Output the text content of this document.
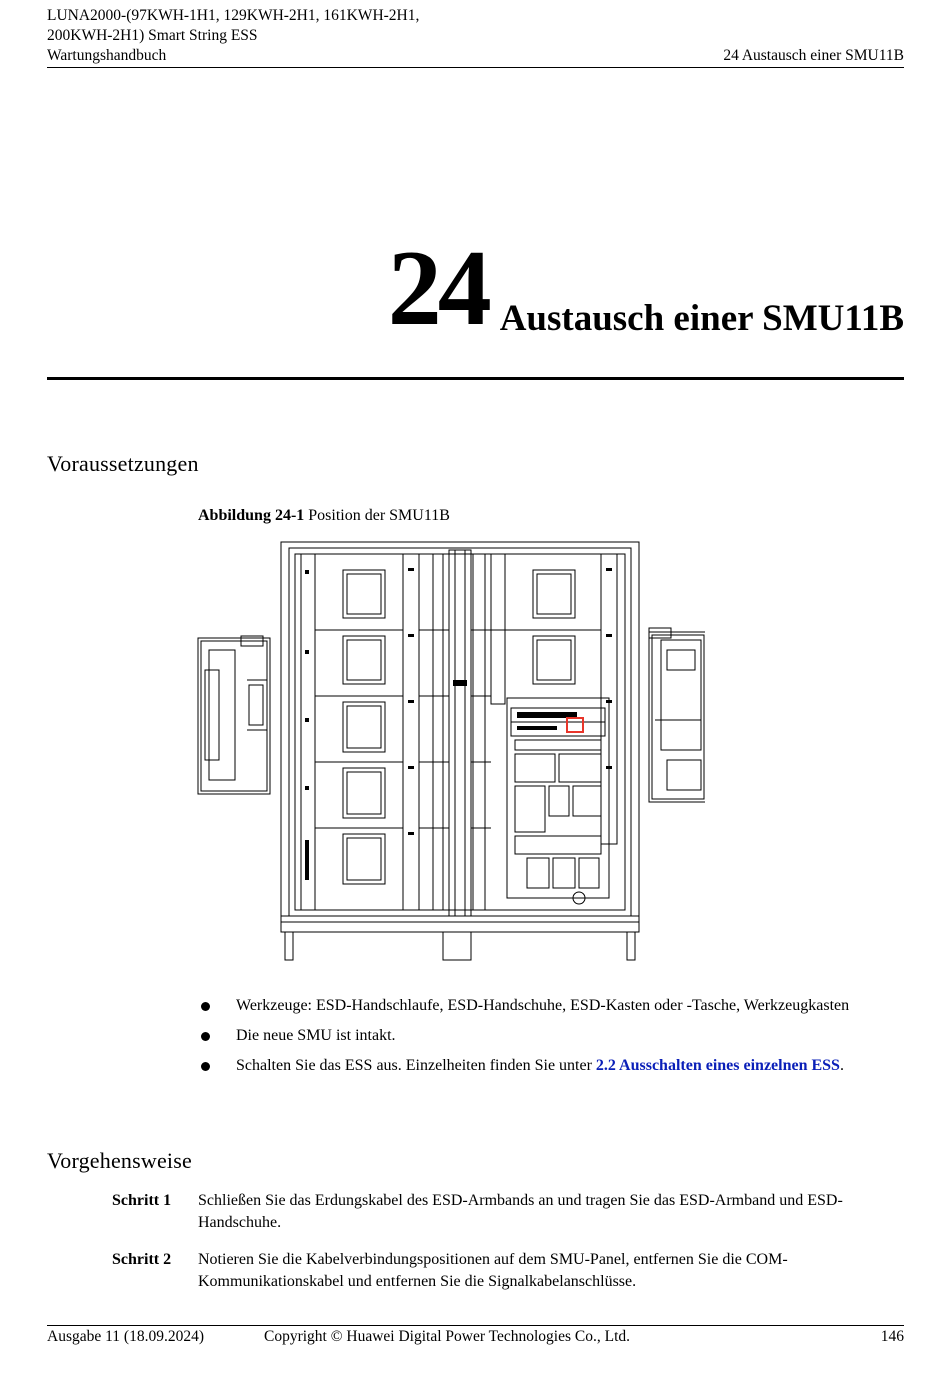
LUNA2000-(97KWH-1H1, 129KWH-2H1, 161KWH-2H1,
200KWH-2H1) Smart String ESS
Wartungshandbuch	24 Austausch einer SMU11B
24 Austausch einer SMU11B
Voraussetzungen
Abbildung 24-1 Position der SMU11B
Werkzeuge: ESD-Handschlaufe, ESD-Handschuhe, ESD-Kasten oder -Tasche, Werkzeugkasten
Die neue SMU ist intakt.
Schalten Sie das ESS aus. Einzelheiten finden Sie unter 2.2 Ausschalten eines einzelnen ESS.
Vorgehensweise
Schritt 1	Schließen Sie das Erdungskabel des ESD-Armbands an und tragen Sie das ESD-Armband und ESD-Handschuhe.
Schritt 2	Notieren Sie die Kabelverbindungspositionen auf dem SMU-Panel, entfernen Sie die COM-Kommunikationskabel und entfernen Sie die Signalkabelanschlüsse.
Ausgabe 11 (18.09.2024)	Copyright © Huawei Digital Power Technologies Co., Ltd.	146
